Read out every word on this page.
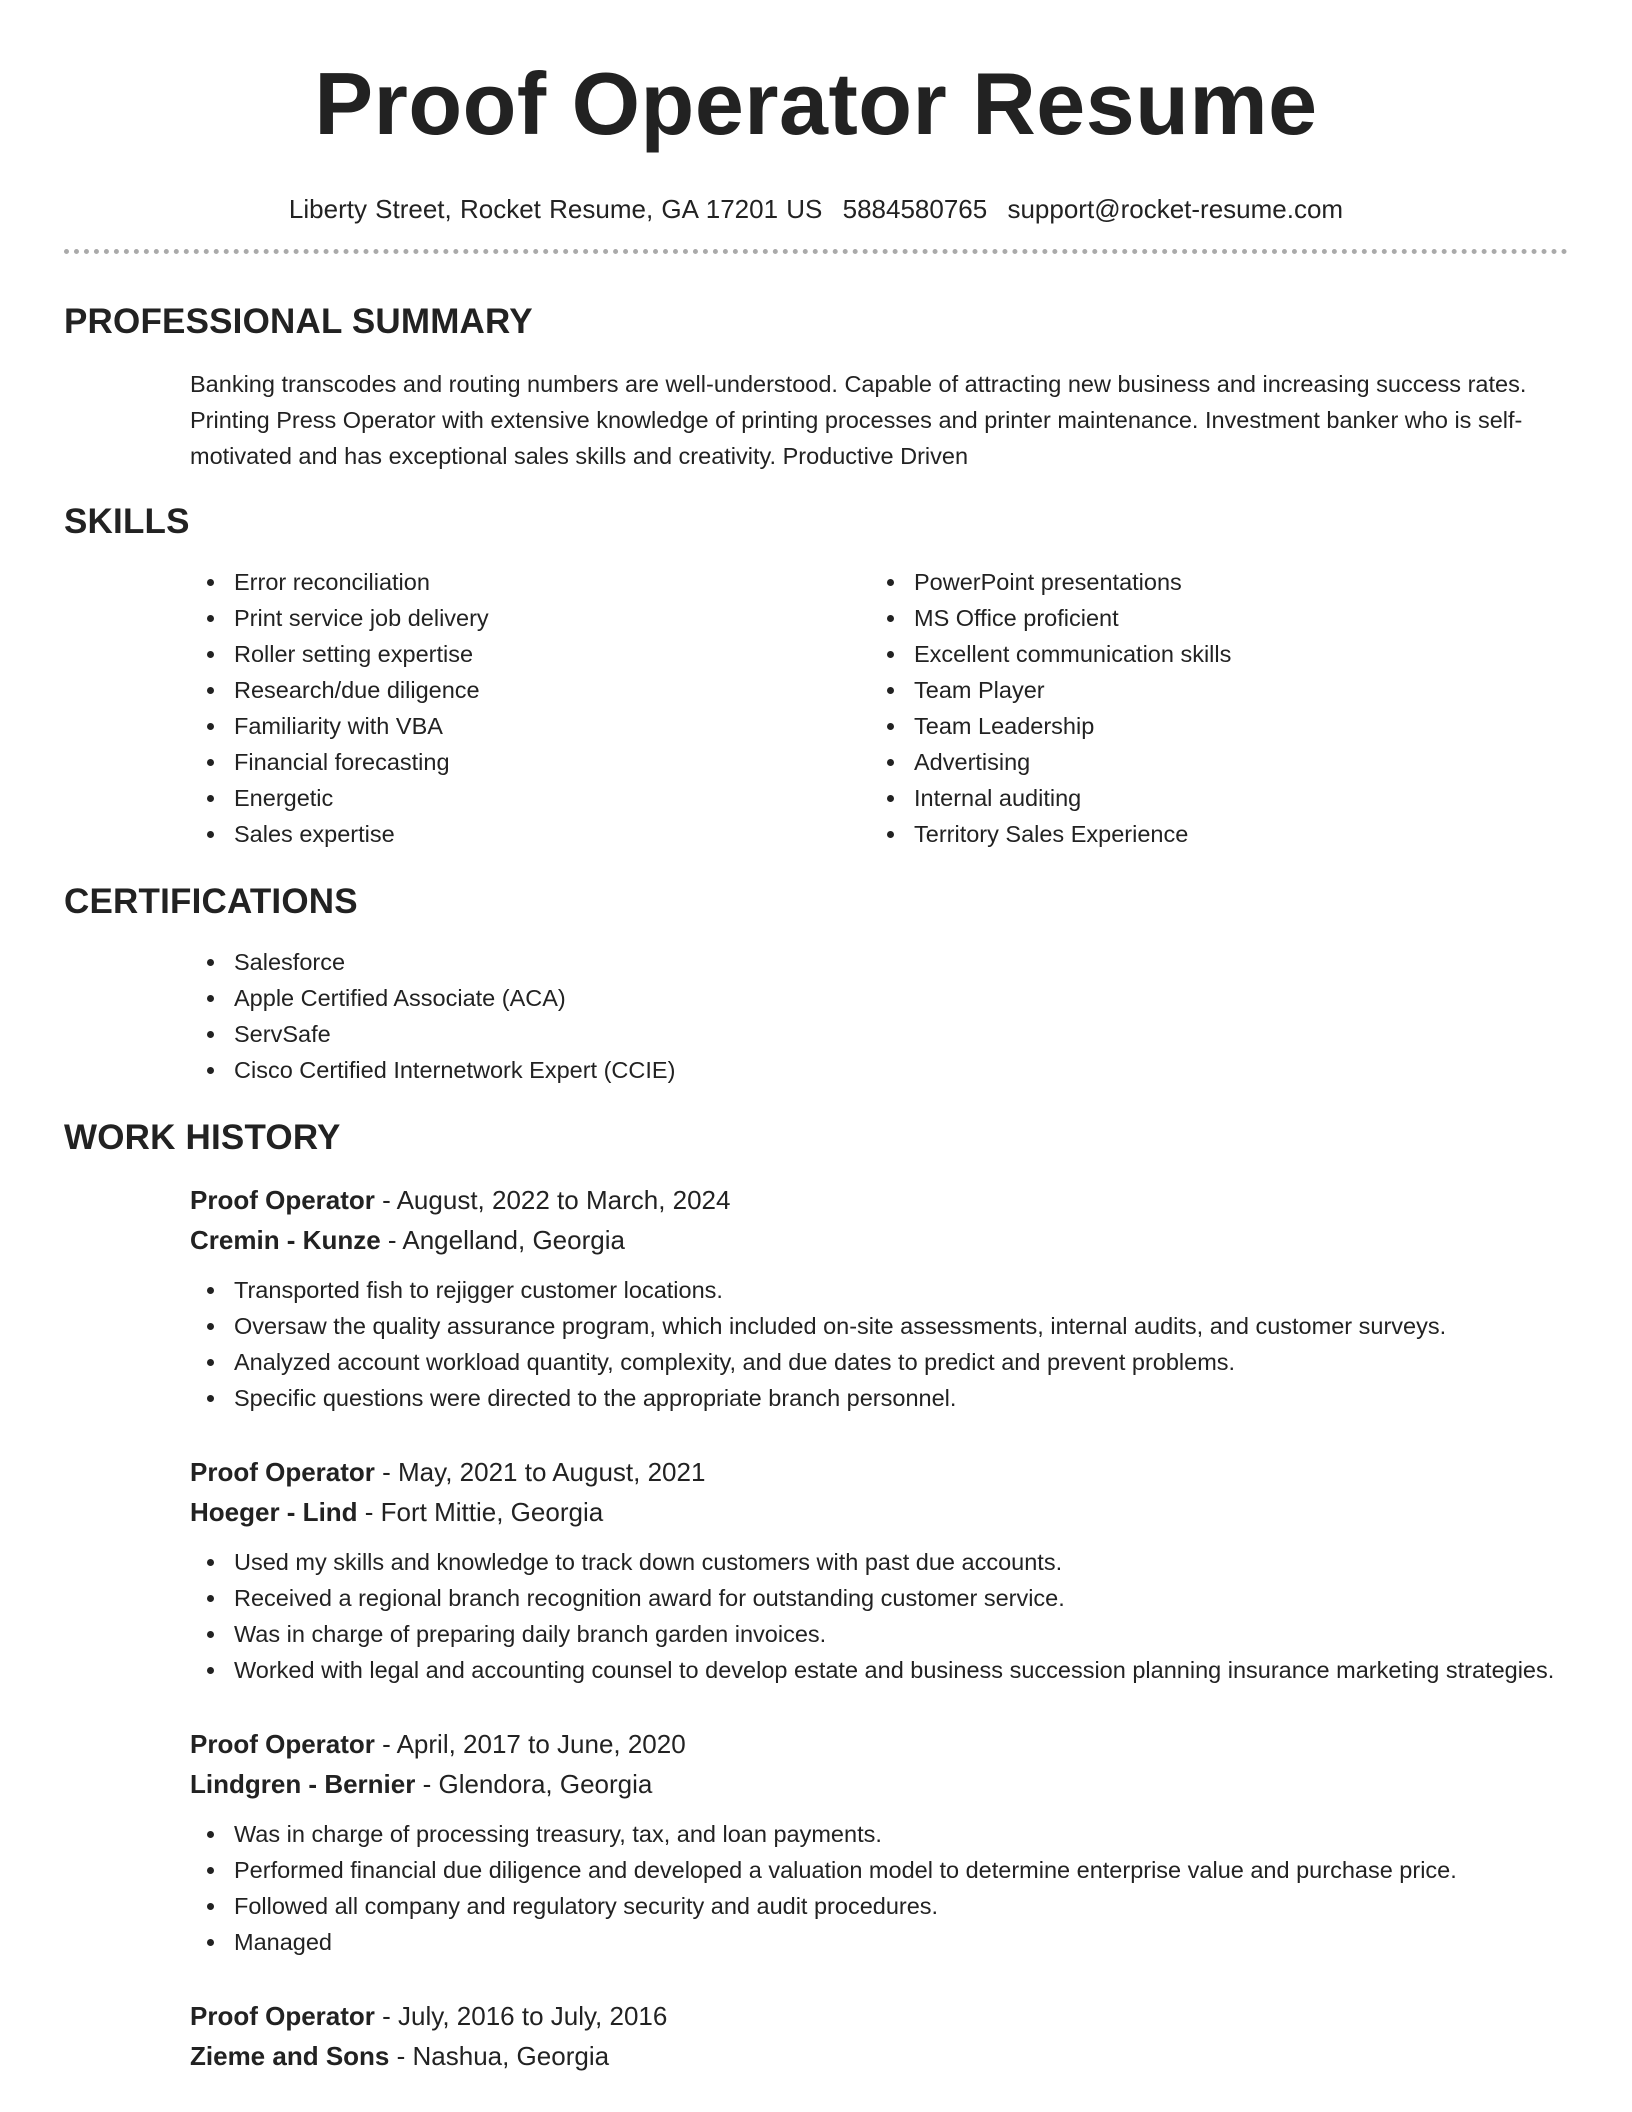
Proof Operator Resume
Liberty Street, Rocket Resume, GA 17201 US 5884580765 support@rocket-resume.com
PROFESSIONAL SUMMARY

Banking transcodes and routing numbers are well-understood. Capable of attracting new business and increasing success rates. Printing Press Operator with extensive knowledge of printing processes and printer maintenance. Investment banker who is self-motivated and has exceptional sales skills and creativity. Productive Driven

SKILLS
Error reconciliation
Print service job delivery
Roller setting expertise
Research/due diligence
Familiarity with VBA
Financial forecasting
Energetic
Sales expertise
PowerPoint presentations
MS Office proficient
Excellent communication skills
Team Player
Team Leadership
Advertising
Internal auditing
Territory Sales Experience
CERTIFICATIONS
Salesforce
Apple Certified Associate (ACA)
ServSafe
Cisco Certified Internetwork Expert (CCIE)
WORK HISTORY
Proof Operator - August, 2022 to March, 2024
Cremin - Kunze - Angelland, Georgia
Transported fish to rejigger customer locations.
Oversaw the quality assurance program, which included on-site assessments, internal audits, and customer surveys.
Analyzed account workload quantity, complexity, and due dates to predict and prevent problems.
Specific questions were directed to the appropriate branch personnel.
Proof Operator - May, 2021 to August, 2021
Hoeger - Lind - Fort Mittie, Georgia
Used my skills and knowledge to track down customers with past due accounts.
Received a regional branch recognition award for outstanding customer service.
Was in charge of preparing daily branch garden invoices.
Worked with legal and accounting counsel to develop estate and business succession planning insurance marketing strategies.
Proof Operator - April, 2017 to June, 2020
Lindgren - Bernier - Glendora, Georgia
Was in charge of processing treasury, tax, and loan payments.
Performed financial due diligence and developed a valuation model to determine enterprise value and purchase price.
Followed all company and regulatory security and audit procedures.
Managed
Proof Operator - July, 2016 to July, 2016
Zieme and Sons - Nashua, Georgia
